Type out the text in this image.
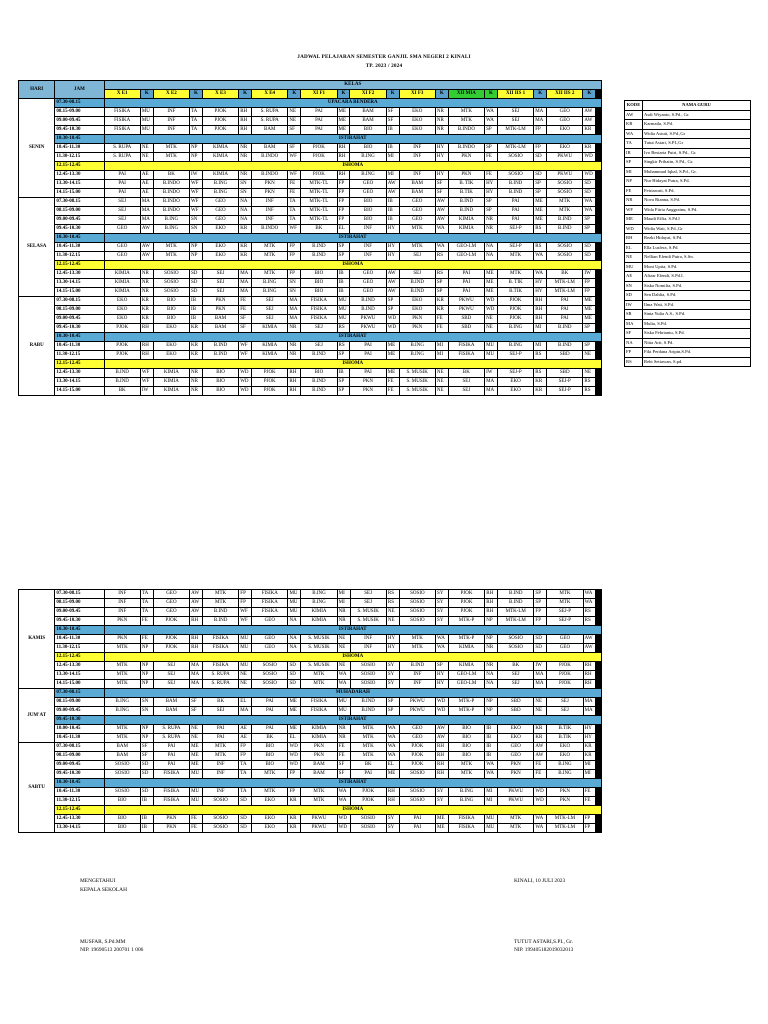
JADWAL PELAJARAN SEMESTER GANJIL SMA NEGERI 2 KINALI
TP. 2023 / 2024
HARI	JAM	KELAS																				
		X E1	K	X E2	K	X E3	K	X E4	K	XI F1	K	XI F2	K	XI F3	K	XII MIA	K	XII IIS 1	K	XII IIS 2	K	
SENIN	07.30-08.15	UPACARA BENDERA																				
	08.15-09.00	FISIKA	MU	INF	TA	PJOK	RH	S. RUPA	NE	PAI	ME	BAM	SF	EKO	NR	MTK	WA	SEJ	MA	GEO	AW	
	09.00-09.45	FISIKA	MU	INF	TA	PJOK	RH	S. RUPA	NE	PAI	ME	BAM	SF	EKO	NR	MTK	WA	SEJ	MA	GEO	AW	
	09.45-10.30	FISIKA	MU	INF	TA	PJOK	RH	BAM	SF	PAI	ME	BIO	IB	EKO	NR	B.INDO	SP	MTK-LM	FP	EKO	KR	
	10.30-10.45	ISTIRAHAT																				
	10.45-11.30	S. RUPA	NE	MTK	NP	KIMIA	NR	BAM	SF	PJOK	RH	BIO	IB	INF	HY	B.INDO	SP	MTK-LM	FP	EKO	KR	
	11.30-12.15	S. RUPA	NE	MTK	NP	KIMIA	NR	B.INDO	WF	PJOK	RH	B.ING	MI	INF	HY	PKN	FE	SOSIO	SD	PKWU	WD	
	12.15-12.45	ISHOMA																				
	12.45-13.30	PAI	AE	BK	IW	KIMIA	NR	B.INDO	WF	PJOK	RH	B.ING	MI	INF	HY	PKN	FE	SOSIO	SD	PKWU	WD	
	13.30-14.15	PAI	AE	B.INDO	WF	B.ING	SN	PKN	FE	MTK-TL	FP	GEO	AW	BAM	SF	B. TIK	HY	B.IND	SP	SOSIO	SD	
	14.15-15.00	PAI	AE	B.INDO	WF	B.ING	SN	PKN	FE	MTK-TL	FP	GEO	AW	BAM	SF	B.TIK	HY	B.IND	SP	SOSIO	SD	
SELASA	07.30-08.15	SEJ	MA	B.INDO	WF	GEO	NA	INF	TA	MTK-TL	FP	BIO	IB	GEO	AW	B.IND	SP	PAI	ME	MTK	WA	
	08.15-09.00	SEJ	MA	B.INDO	WF	GEO	NA	INF	TA	MTK-TL	FP	BIO	IB	GEO	AW	B.IND	SP	PAI	ME	MTK	WA	
	09.00-09.45	SEJ	MA	B.ING	SN	GEO	NA	INF	TA	MTK-TL	FP	BIO	IB	GEO	AW	KIMIA	NR	PAI	ME	B.IND	SP	
	09.45-10.30	GEO	AW	B.ING	SN	EKO	KR	B.INDO	WF	BK	EL	INF	HY	MTK	WA	KIMIA	NR	SEJ-P	RS	B.IND	SP	
	10.30-10.45	ISTIRAHAT																				
	10.45-11.30	GEO	AW	MTK	NP	EKO	KR	MTK	FP	B.IND	SP	INF	HY	MTK	WA	GEO-LM	NA	SEJ-P	RS	SOSIO	SD	
	11.30-12.15	GEO	AW	MTK	NP	EKO	KR	MTK	FP	B.IND	SP	INF	HY	SEJ	RS	GEO-LM	NA	MTK	WA	SOSIO	SD	
	12.15-12.45	ISHOMA																				
	12.45-13.30	KIMIA	NR	SOSIO	SD	SEJ	MA	MTK	FP	BIO	IB	GEO	AW	SEJ	RS	PAI	ME	MTK	WA	BK	IW	
	13.30-14.15	KIMIA	NR	SOSIO	SD	SEJ	MA	B.ING	SN	BIO	IB	GEO	AW	B.IND	SP	PAI	ME	B. TIK	HY	MTK-LM	FP	
	14.15-15.00	KIMIA	NR	SOSIO	SD	SEJ	MA	B.ING	SN	BIO	IB	GEO	AW	B.IND	SP	PAI	ME	B.TIK	HY	MTK-LM	FP	
RABU	07.30-08.15	EKO	KR	BIO	IB	PKN	FE	SEJ	MA	FISIKA	MU	B.IND	SP	EKO	KR	PKWU	WD	PJOK	RH	PAI	ME	
	08.15-09.00	EKO	KR	BIO	IB	PKN	FE	SEJ	MA	FISIKA	MU	B.IND	SP	EKO	KR	PKWU	WD	PJOK	RH	PAI	ME	
	09.00-09.45	EKO	KR	BIO	IB	BAM	SF	SEJ	MA	FISIKA	MU	PKWU	WD	PKN	FE	SBD	NE	PJOK	RH	PAI	ME	
	09.45-10.30	PJOK	RH	EKO	KR	BAM	SF	KIMIA	NR	SEJ	RS	PKWU	WD	PKN	FE	SBD	NE	B.ING	MI	B.IND	SP	
	10.30-10.45	ISTIRAHAT																				
	10.45-11.30	PJOK	RH	EKO	KR	B.IND	WF	KIMIA	NR	SEJ	RS	PAI	ME	B.ING	MI	FISIKA	MU	B.ING	MI	B.IND	SP	
	11.30-12.15	PJOK	RH	EKO	KR	B.IND	WF	KIMIA	NR	B.IND	SP	PAI	ME	B.ING	MI	FISIKA	MU	SEJ-P	RS	SBD	NE	
	12.15-12.45	ISHOMA																				
	12.45-13.30	B.IND	WF	KIMIA	NR	BIO	WD	PJOK	RH	BIO	IB	PAI	ME	S. MUSIK	NE	BK	IW	SEJ-P	RS	SBD	NE	
	13.30-14.15	B.IND	WF	KIMIA	NR	BIO	WD	PJOK	RH	B.IND	SP	PKN	FE	S. MUSIK	NE	SEJ	MA	EKO	KR	SEJ-P	RS	
	14.15-15.00	BK	IW	KIMIA	NR	BIO	WD	PJOK	RH	B.IND	SP	PKN	FE	S. MUSIK	NE	SEJ	MA	EKO	KR	SEJ-P	RS	
KAMIS	07.30-08.15	INF	TA	GEO	AW	MTK	FP	FISIKA	MU	B.ING	MI	SEJ	RS	SOSIO	SY	PJOK	RH	B.IND	SP	MTK	WA	
	08.15-09.00	INF	TA	GEO	AW	MTK	FP	FISIKA	MU	B.ING	MI	SEJ	RS	SOSIO	SY	PJOK	RH	B.IND	SP	MTK	WA	
	09.00-09.45	INF	TA	GEO	AW	B.IND	WF	FISIKA	MU	KIMIA	NR	S. MUSIK	NE	SOSIO	SY	PJOK	RH	MTK-LM	FP	SEJ-P	RS	
	09.45-10.30	PKN	FE	PJOK	RH	B.IND	WF	GEO	NA	KIMIA	NR	S. MUSIK	NE	SOSIO	SY	MTK-P	NP	MTK-LM	FP	SEJ-P	RS	
	10.30-10.45	ISTIRAHAT																				
	10.45-11.30	PKN	FE	PJOK	RH	FISIKA	MU	GEO	NA	S. MUSIK	NE	INF	HY	MTK	WA	MTK-P	NP	SOSIO	SD	GEO	AW	
	11.30-12.15	MTK	NP	PJOK	RH	FISIKA	MU	GEO	NA	S. MUSIK	NE	INF	HY	MTK	WA	KIMIA	NR	SOSIO	SD	GEO	AW	
	12.15-12.45	ISHOMA																				
	12.45-13.30	MTK	NP	SEJ	MA	FISIKA	MU	SOSIO	SD	S. MUSIK	NE	SOSIO	SY	B.IND	SP	KIMIA	NR	BK	IW	PJOK	RH	
	13.30-14.15	MTK	NP	SEJ	MA	S. RUPA	NE	SOSIO	SD	MTK	WA	SOSIO	SY	INF	HY	GEO-LM	NA	SEJ	MA	PJOK	RH	
	14.15-15.00	MTK	NP	SEJ	MA	S. RUPA	NE	SOSIO	SD	MTK	WA	SOSIO	SY	INF	HY	GEO-LM	NA	SEJ	MA	PJOK	RH	
JUM'AT	07.30-08.15	MUHADARAH																				
	08.15-09.00	B.ING	SN	BAM	SF	BK	EL	PAI	ME	FISIKA	MU	B.IND	SP	PKWU	WD	MTK-P	NP	SBD	NE	SEJ	MA	
	09.00-09.45	B.ING	SN	BAM	SF	SEJ	MA	PAI	ME	FISIKA	MU	B.IND	SP	PKWU	WD	MTK-P	NP	SBD	NE	SEJ	MA	
	09.45-10.30	ISTIRAHAT																				
	10.00-10.45	MTK	NP	S. RUPA	NE	PAI	AE	PAI	ME	KIMIA	NR	MTK	WA	GEO	AW	BIO	IB	EKO	KR	B.TIK	HY	
	10.45-11.30	MTK	NP	S. RUPA	NE	PAI	AE	BK	EL	KIMIA	NR	MTK	WA	GEO	AW	BIO	IB	EKO	KR	B.TIK	HY	
SABTU	07.30-08.15	BAM	SF	PAI	ME	MTK	FP	BIO	WD	PKN	FE	MTK	WA	PJOK	RH	BIO	IB	GEO	AW	EKO	KR	
	08.15-09.00	BAM	SF	PAI	ME	MTK	FP	BIO	WD	PKN	FE	MTK	WA	PJOK	RH	BIO	IB	GEO	AW	EKO	KR	
	09.00-09.45	SOSIO	SD	PAI	ME	INF	TA	BIO	WD	BAM	SF	BK	EL	PJOK	RH	MTK	WA	PKN	FE	B.ING	MI	
	09.45-10.30	SOSIO	SD	FISIKA	MU	INF	TA	MTK	FP	BAM	SF	PAI	ME	SOSIO	RH	MTK	WA	PKN	FE	B.ING	MI	
	10.30-10.45	ISTIRAHAT																				
	10.45-11.30	SOSIO	SD	FISIKA	MU	INF	TA	MTK	FP	MTK	WA	PJOK	RH	SOSIO	SY	B.ING	MI	PKWU	WD	PKN	FE	
	11.30-12.15	BIO	IB	FISIKA	MU	SOSIO	SD	EKO	KR	MTK	WA	PJOK	RH	SOSIO	SY	B.ING	MI	PKWU	WD	PKN	FE	
	12.15-12.45	ISHOMA																				
	12.45-13.30	BIO	IB	PKN	FE	SOSIO	SD	EKO	KR	PKWU	WD	SOSIO	SY	PAI	ME	FISIKA	MU	MTK	WA	MTK-LM	FP	
	13.30-14.15	BIO	IB	PKN	FE	SOSIO	SD	EKO	KR	PKWU	WD	SOSIO	SY	PAI	ME	FISIKA	MU	MTK	WA	MTK-LM	FP	
KODE	NAMA GURU
AW	Asdi Wiyanto, S.Pd., Gr.
KR	Karmaila, S.Pd.
WA	Widia Astuti, S.Pd.,Gr
TA	Tutut Astari, S.PI.,Gr
IB	Ivo Bestaria Putri, S.Pd., Gr.
SP	Singkir Prihatin, S.Pd., Gr.
MI	Muhammad Iqbal, S.Pd., Gr.
NP	Nur Hidayat Putra, S.Pd.
FE	Fetriawati, S.Pd.
NR	Nova Rianna, S.Pd.
WF	Wida Fitria Anggrainu, S.Pd.
ME	Maudi Effia, S.Pd.I
WD	Widia Wati, S.Pd.,Gr
RH	Rezki Hidayat, S.Pd.
EL	Ella Lusfera, S.Pd.
NE	Nellian Efendi Putra, S.Sn.
MU	Moni Upita, S.Pd.
AE	Afizar Efendi, S.Pd.I.
SN	Siska Nomilia, S.Pd.
SD	Sen Dahlia, S.Pd.
IW	Ilma Wati, S.Pd.
SR	Sinta Yulia A.S., S.Pd.
MA	Mulia, S.Pd.
SF	Siska Febriantu, S.Pd.
NA	Nitia Arti, S.Pd.
FP	Fiki Perdana Aripin,S.Pd.
RS	Rebi Setiawan, S.pd.
MENGETAHUI
KEPALA SEKOLAH
MUSFAR, S.Pd.MM
NIP. 19690513 200701 1 006
KINALI, 10 JULI 2023
TUTUT ASTARI,S.PI., Gr.
NIP. 199405182019032013
